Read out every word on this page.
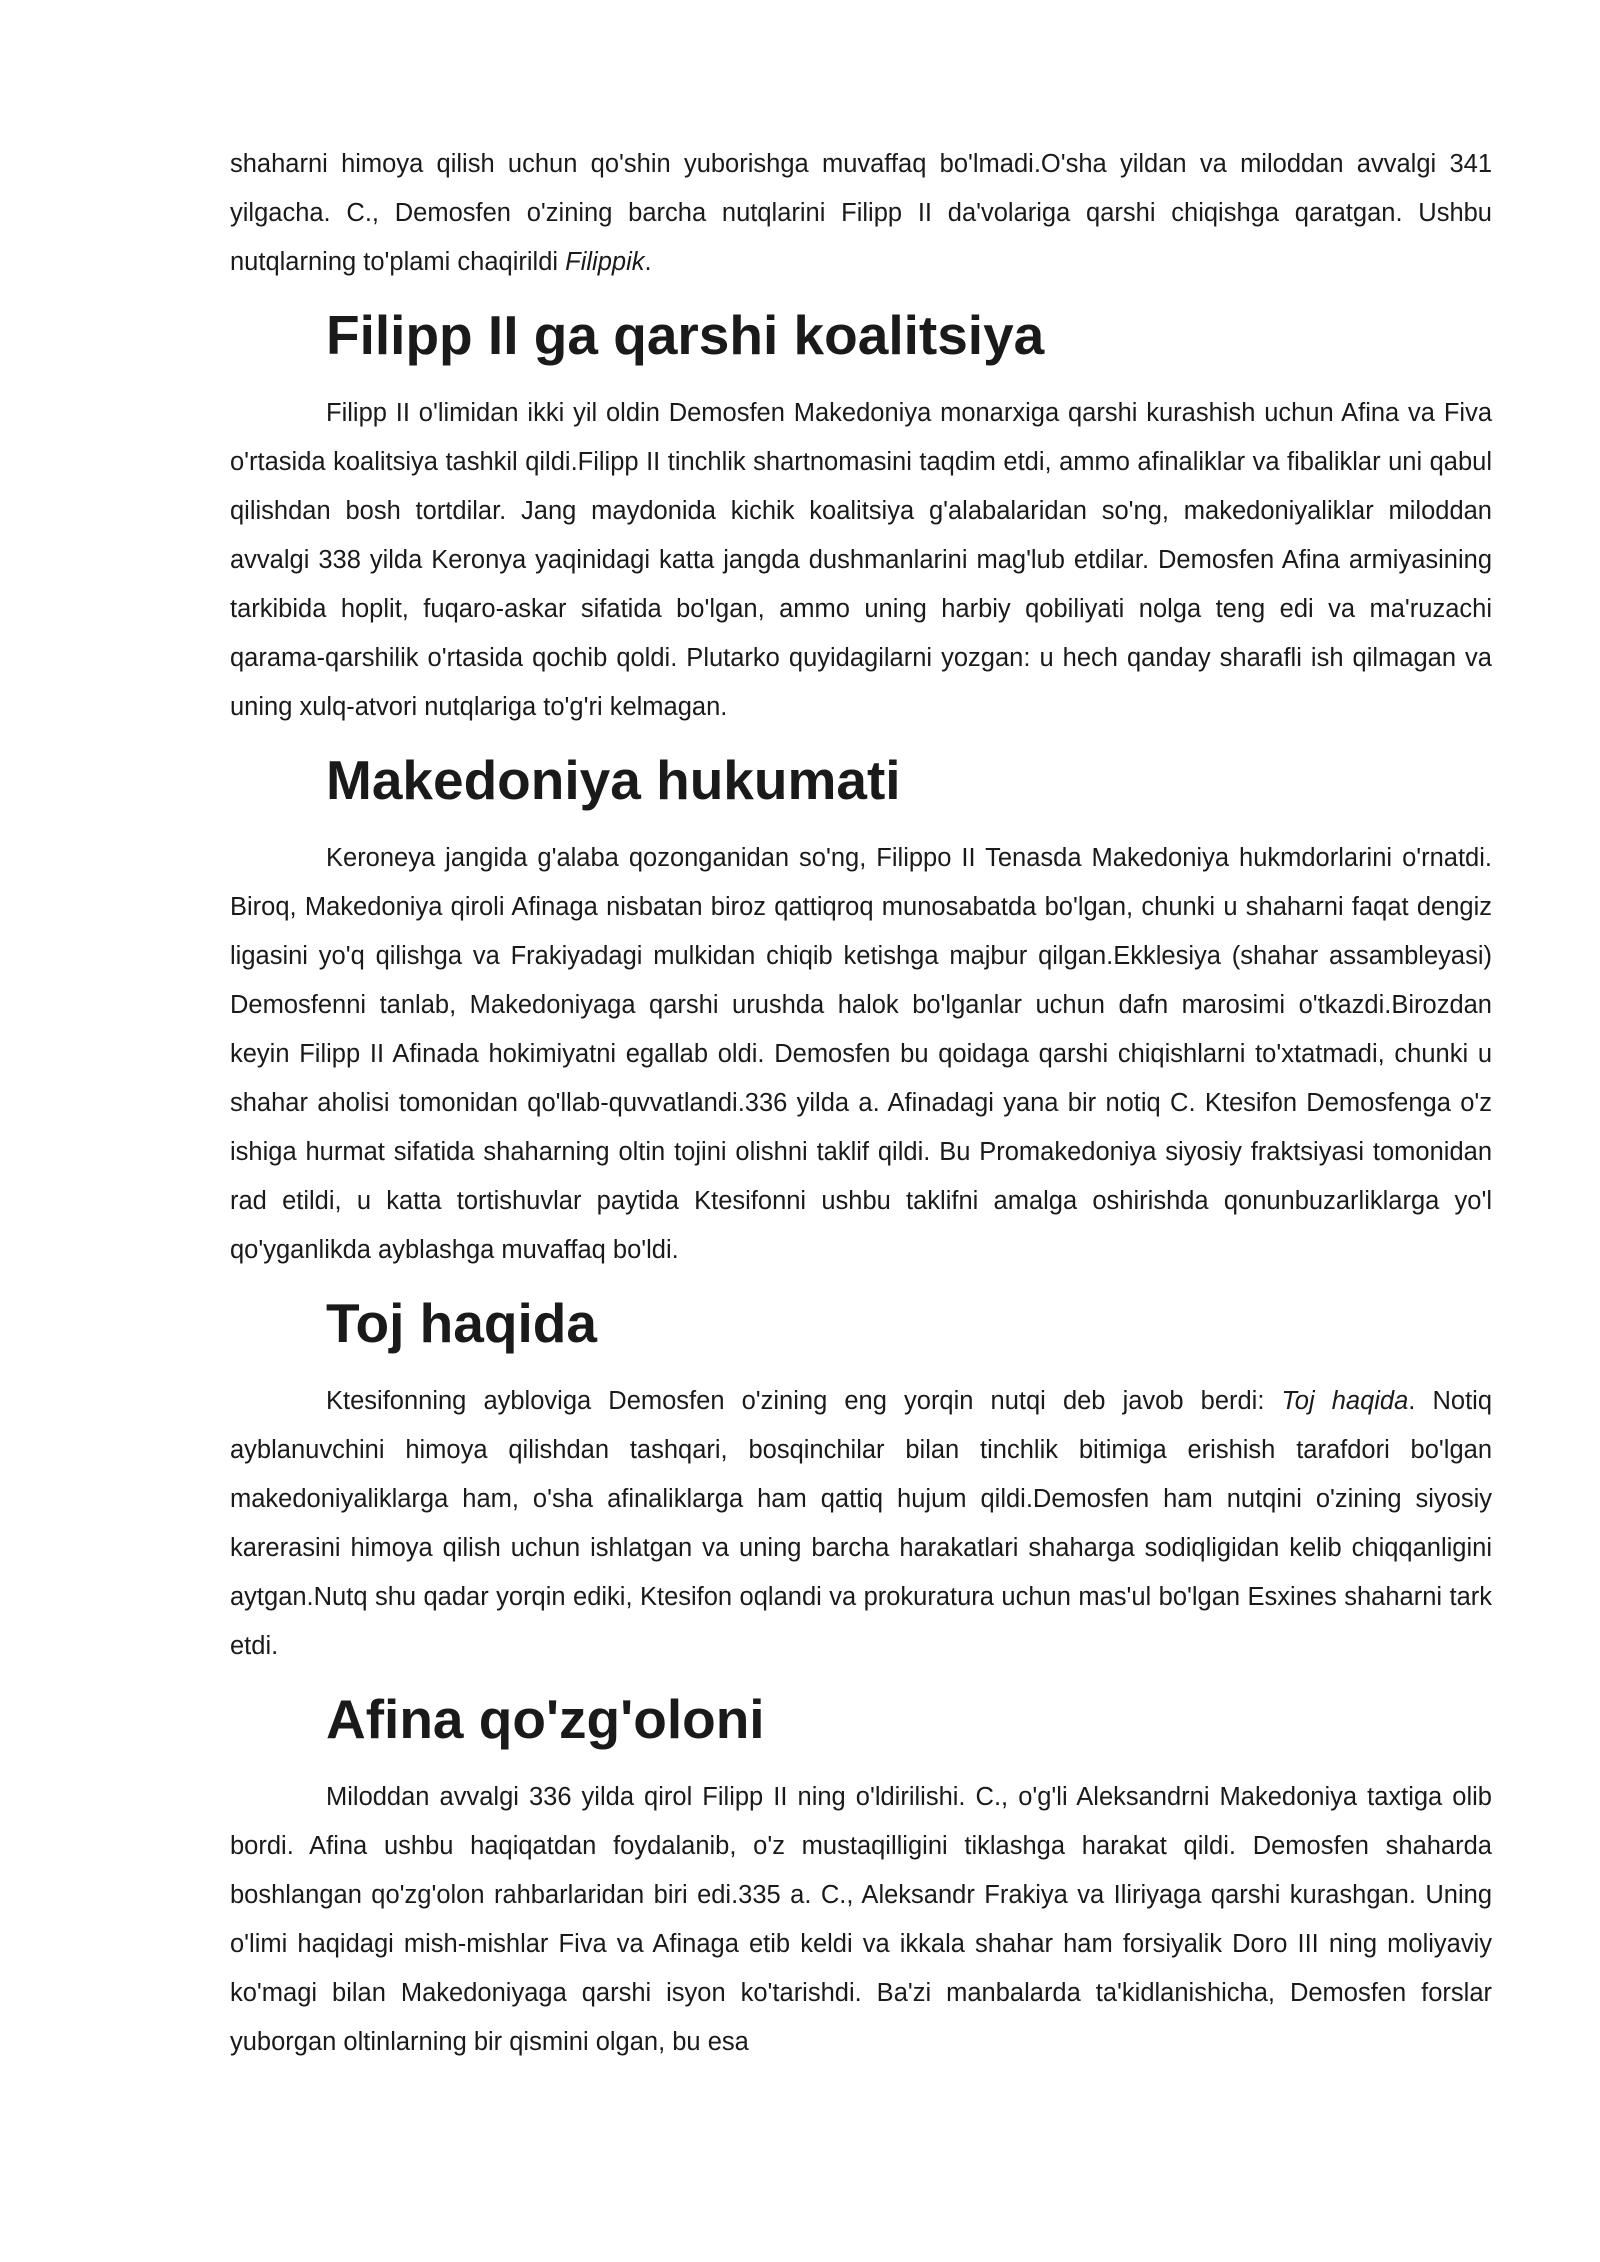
shaharni himoya qilish uchun qo'shin yuborishga muvaffaq bo'lmadi.O'sha yildan va miloddan avvalgi 341 yilgacha. C., Demosfen o'zining barcha nutqlarini Filipp II da'volariga qarshi chiqishga qaratgan. Ushbu nutqlarning to'plami chaqirildi Filippik.

Filipp II ga qarshi koalitsiya

Filipp II o'limidan ikki yil oldin Demosfen Makedoniya monarxiga qarshi kurashish uchun Afina va Fiva o'rtasida koalitsiya tashkil qildi.Filipp II tinchlik shartnomasini taqdim etdi, ammo afinaliklar va fibaliklar uni qabul qilishdan bosh tortdilar. Jang maydonida kichik koalitsiya g'alabalaridan so'ng, makedoniyaliklar miloddan avvalgi 338 yilda Keronya yaqinidagi katta jangda dushmanlarini mag'lub etdilar. Demosfen Afina armiyasining tarkibida hoplit, fuqaro-askar sifatida bo'lgan, ammo uning harbiy qobiliyati nolga teng edi va ma'ruzachi qarama-qarshilik o'rtasida qochib qoldi. Plutarko quyidagilarni yozgan: u hech qanday sharafli ish qilmagan va uning xulq-atvori nutqlariga to'g'ri kelmagan.

Makedoniya hukumati

Keroneya jangida g'alaba qozonganidan so'ng, Filippo II Tenasda Makedoniya hukmdorlarini o'rnatdi. Biroq, Makedoniya qiroli Afinaga nisbatan biroz qattiqroq munosabatda bo'lgan, chunki u shaharni faqat dengiz ligasini yo'q qilishga va Frakiyadagi mulkidan chiqib ketishga majbur qilgan.Ekklesiya (shahar assambleyasi) Demosfenni tanlab, Makedoniyaga qarshi urushda halok bo'lganlar uchun dafn marosimi o'tkazdi.Birozdan keyin Filipp II Afinada hokimiyatni egallab oldi. Demosfen bu qoidaga qarshi chiqishlarni to'xtatmadi, chunki u shahar aholisi tomonidan qo'llab-quvvatlandi.336 yilda a. Afinadagi yana bir notiq C. Ktesifon Demosfenga o'z ishiga hurmat sifatida shaharning oltin tojini olishni taklif qildi. Bu Promakedoniya siyosiy fraktsiyasi tomonidan rad etildi, u katta tortishuvlar paytida Ktesifonni ushbu taklifni amalga oshirishda qonunbuzarliklarga yo'l qo'yganlikda ayblashga muvaffaq bo'ldi.

Toj haqida

Ktesifonning aybloviga Demosfen o'zining eng yorqin nutqi deb javob berdi: Toj haqida. Notiq ayblanuvchini himoya qilishdan tashqari, bosqinchilar bilan tinchlik bitimiga erishish tarafdori bo'lgan makedoniyaliklarga ham, o'sha afinaliklarga ham qattiq hujum qildi.Demosfen ham nutqini o'zining siyosiy karerasini himoya qilish uchun ishlatgan va uning barcha harakatlari shaharga sodiqligidan kelib chiqqanligini aytgan.Nutq shu qadar yorqin ediki, Ktesifon oqlandi va prokuratura uchun mas'ul bo'lgan Esxines shaharni tark etdi.

Afina qo'zg'oloni

Miloddan avvalgi 336 yilda qirol Filipp II ning o'ldirilishi. C., o'g'li Aleksandrni Makedoniya taxtiga olib bordi. Afina ushbu haqiqatdan foydalanib, o'z mustaqilligini tiklashga harakat qildi. Demosfen shaharda boshlangan qo'zg'olon rahbarlaridan biri edi.335 a. C., Aleksandr Frakiya va Iliriyaga qarshi kurashgan. Uning o'limi haqidagi mish-mishlar Fiva va Afinaga etib keldi va ikkala shahar ham forsiyalik Doro III ning moliyaviy ko'magi bilan Makedoniyaga qarshi isyon ko'tarishdi. Ba'zi manbalarda ta'kidlanishicha, Demosfen forslar yuborgan oltinlarning bir qismini olgan, bu esa
